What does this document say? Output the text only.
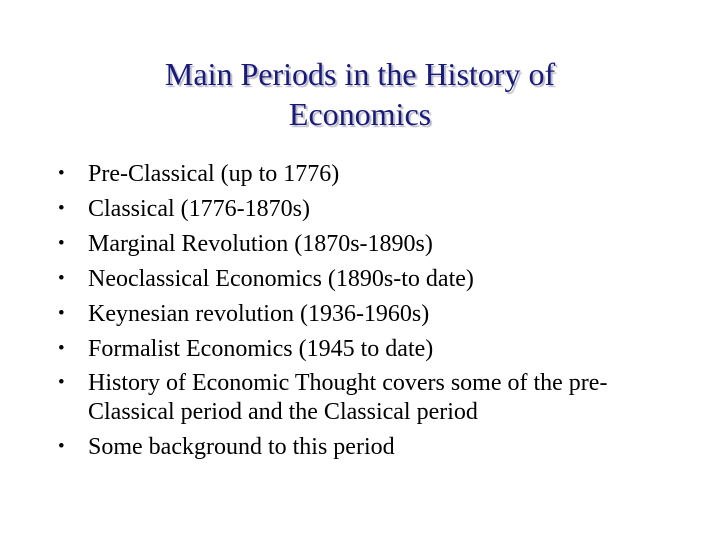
Main Periods in the History of
Economics
• Pre-Classical (up to 1776)
• Classical (1776-1870s)
• Marginal Revolution (1870s-1890s)
• Neoclassical Economics (1890s-to date)
• Keynesian revolution (1936-1960s)
• Formalist Economics (1945 to date)
• History of Economic Thought covers some of the pre-Classical period and the Classical period
• Some background to this period
